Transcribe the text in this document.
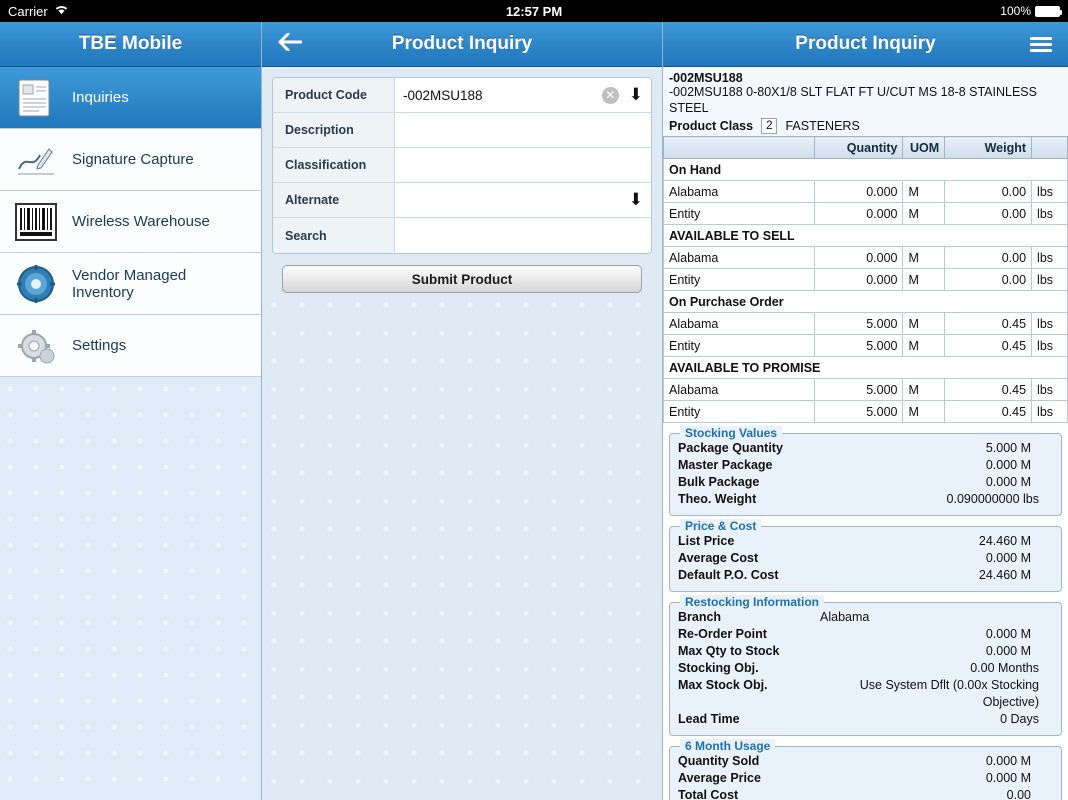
Carrier	12:57 PM	100%
TBE Mobile
Inquiries
Signature Capture
Wireless Warehouse
Vendor Managed Inventory
Settings
Product Inquiry
Product Code	-002MSU188	✕ ⬇
Description
Classification
Alternate	⬇
Search
Submit Product
Product Inquiry
-002MSU188
-002MSU188 0-80X1/8 SLT FLAT FT U/CUT MS 18-8 STAINLESS STEEL
Product Class	2	FASTENERS
	Quantity	UOM	Weight	
On Hand				
Alabama	0.000	M	0.00	lbs
Entity	0.000	M	0.00	lbs
AVAILABLE TO SELL				
Alabama	0.000	M	0.00	lbs
Entity	0.000	M	0.00	lbs
On Purchase Order				
Alabama	5.000	M	0.45	lbs
Entity	5.000	M	0.45	lbs
AVAILABLE TO PROMISE				
Alabama	5.000	M	0.45	lbs
Entity	5.000	M	0.45	lbs
Stocking Values
Package Quantity	5.000 M
Master Package	0.000 M
Bulk Package	0.000 M
Theo. Weight	0.090000000 lbs
Price & Cost
List Price	24.460 M
Average Cost	0.000 M
Default P.O. Cost	24.460 M
Restocking Information
Branch	Alabama
Re-Order Point	0.000 M
Max Qty to Stock	0.000 M
Stocking Obj.	0.00 Months
Max Stock Obj.	Use System Dflt (0.00x Stocking Objective)
Lead Time	0 Days
6 Month Usage
Quantity Sold	0.000 M
Average Price	0.000 M
Total Cost	0.00
